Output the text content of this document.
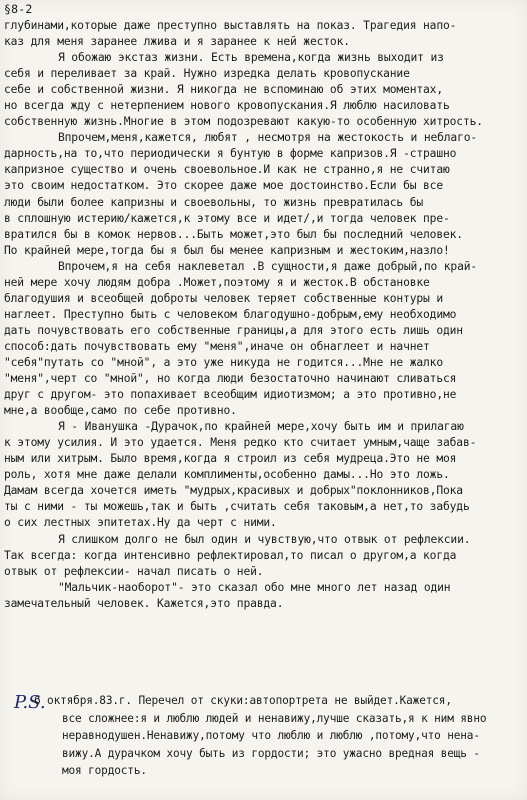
§8-2
глубинами,которые даже преступно выставлять на показ. Трагедия напо-
каз для меня заранее лжива и я заранее к ней жесток.
Я обожаю экстаз жизни. Есть времена,когда жизнь выходит из
себя и переливает за край. Нужно изредка делать кровопускание
себе и собственной жизни. Я никогда не вспоминаю об этих моментах,
но всегда жду с нетерпением нового кровопускания.Я люблю насиловать
собственную жизнь.Многие в этом подозревают какую-то особенную хитрость.
Впрочем,меня,кажется, любят , несмотря на жестокость и неблаго-
дарность,на то,что периодически я бунтую в форме капризов.Я -страшно
капризное существо и очень своевольное.И как не странно,я не считаю
это своим недостатком. Это скорее даже мое достоинство.Если бы все
люди были более капризны и своевольны, то жизнь превратилась бы
в сплошную истерию/кажется,к этому все и идет/,и тогда человек пре-
вратился бы в комок нервов...Быть может,это был бы последний человек.
По крайней мере,тогда бы я был бы менее капризным и жестоким,назло!
Впрочем,я на себя наклеветал .В сущности,я даже добрый,по край-
ней мере хочу людям добра .Может,поэтому я и жесток.В обстановке
благодушия и всеобщей доброты человек теряет собственные контуры и
наглеет. Преступно быть с человеком благодушно-добрым,ему необходимо
дать почувствовать его собственные границы,а для этого есть лишь один
способ:дать почувствовать ему "меня",иначе он обнаглеет и начнет
"себя"путать со "мной", а это уже никуда не годится...Мне не жалко
"меня",черт со "мной", но когда люди безостаточно начинают сливаться
друг с другом- это попахивает всеобщим идиотизмом; а это противно,не
мне,а вообще,само по себе противно.
Я - Иванушка -Дурачок,по крайней мере,хочу быть им и прилагаю
к этому усилия. И это удается. Меня редко кто считает умным,чаще забав-
ным или хитрым. Было время,когда я строил из себя мудреца.Это не моя
роль, хотя мне даже делали комплименты,особенно дамы...Но это ложь.
Дамам всегда хочется иметь "мудрых,красивых и добрых"поклонников,Пока
ты с ними - ты можешь,так и быть ,считать себя таковым,а нет,то забудь
о сих лестных эпитетах.Ну да черт с ними.
Я слишком долго не был один и чувствую,что отвык от рефлексии.
Так всегда: когда интенсивно рефлектировал,то писал о другом,а когда
отвык от рефлексии- начал писать о ней.
"Мальчик-наоборот"- это сказал обо мне много лет назад один
замечательный человек. Кажется,это правда.
P.S.
6 октября.83.г. Перечел от скуки:автопортрета не выйдет.Кажется,
все сложнее:я и люблю людей и ненавижу,лучше сказать,я к ним явно
неравнодушен.Ненавижу,потому что люблю и люблю ,потому,что нена-
вижу.А дурачком хочу быть из гордости; это ужасно вредная вещь -
моя гордость.
